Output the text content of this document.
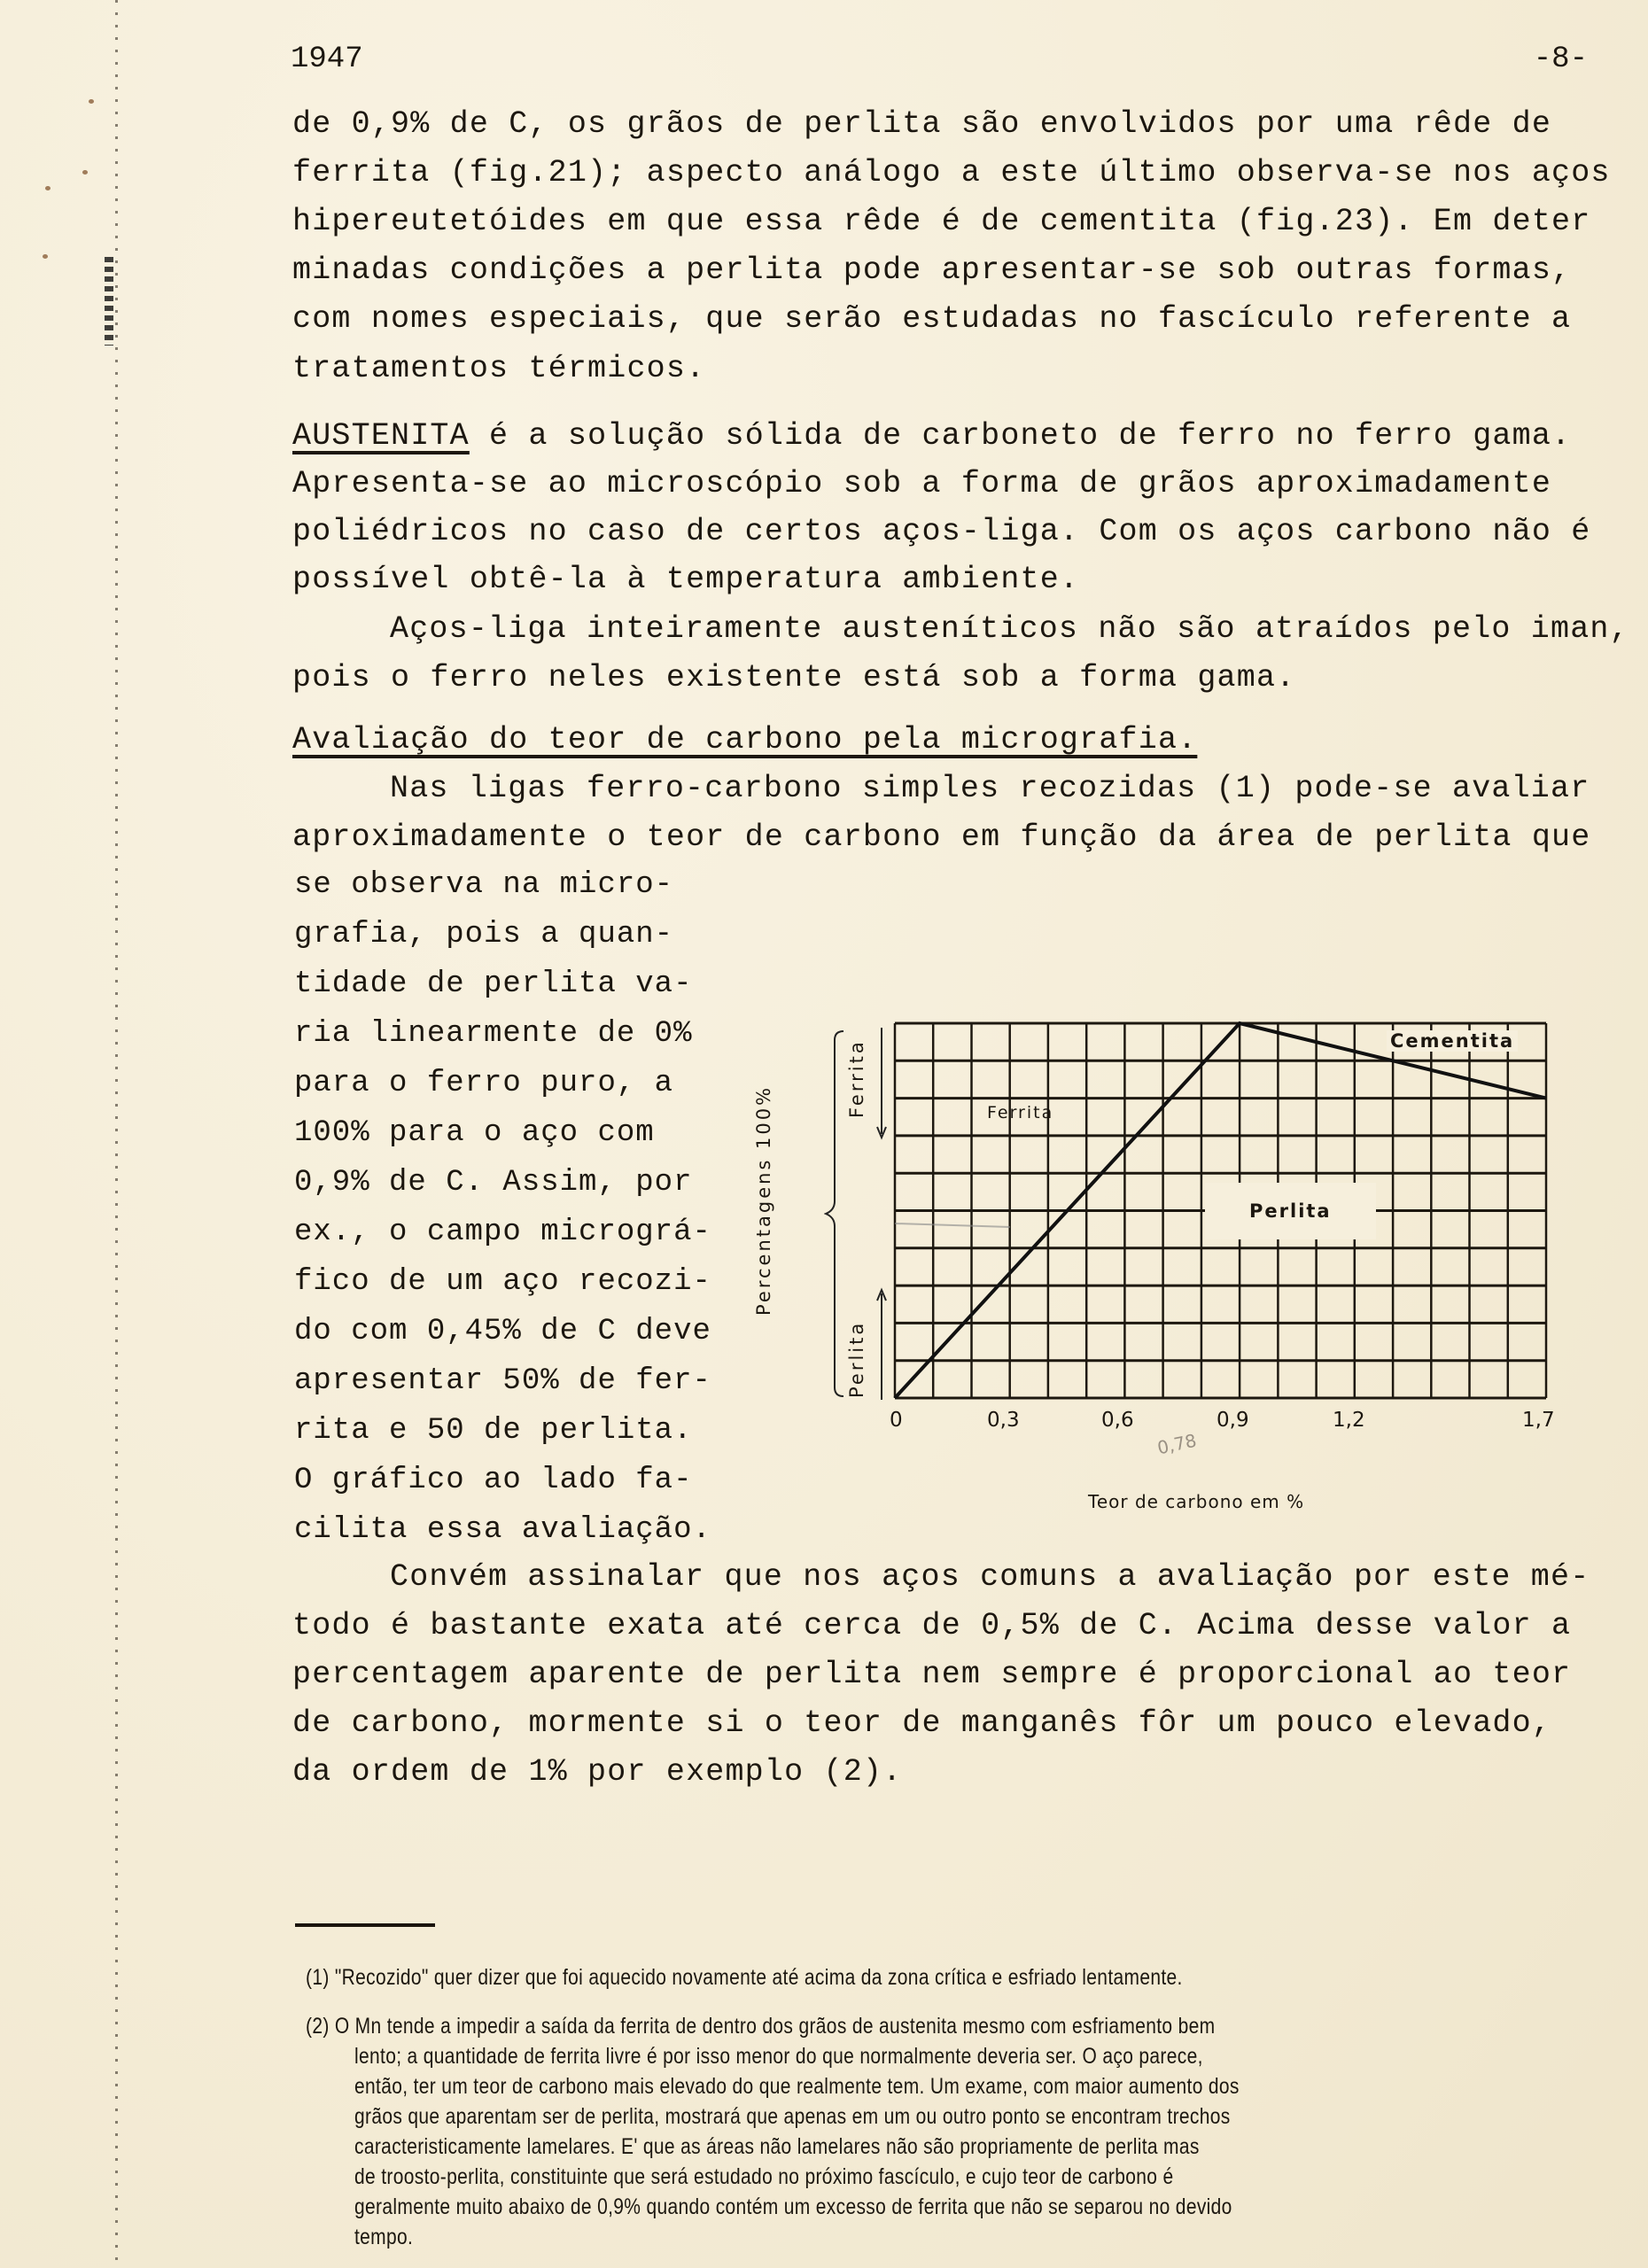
1947	-8-
de 0,9% de C, os grãos de perlita são envolvidos por uma rêde de
ferrita (fig.21); aspecto análogo a este último observa-se nos aços
hipereutetóides em que essa rêde é de cementita (fig.23). Em deter
minadas condições a perlita pode apresentar-se sob outras formas,
com nomes especiais, que serão estudadas no fascículo referente a
tratamentos térmicos.
AUSTENITA é a solução sólida de carboneto de ferro no ferro gama.
Apresenta-se ao microscópio sob a forma de grãos aproximadamente
poliédricos no caso de certos aços-liga. Com os aços carbono não é
possível obtê-la à temperatura ambiente.
Aços-liga inteiramente austeníticos não são atraídos pelo iman,
pois o ferro neles existente está sob a forma gama.
Avaliação do teor de carbono pela micrografia.
Nas ligas ferro-carbono simples recozidas (1) pode-se avaliar
aproximadamente o teor de carbono em função da área de perlita que
se observa na micro-
grafia, pois a quan-
tidade de perlita va-
ria linearmente de 0%
para o ferro puro, a
100% para o aço com
0,9% de C. Assim, por
ex., o campo micrográ-
fico de um aço recozi-
do com 0,45% de C deve
apresentar 50% de fer-
rita e 50 de perlita.
O gráfico ao lado fa-
cilita essa avaliação.
Percentagens 100%
Ferrita
Perlita
Ferrita
Perlita
Cementita
0	0,3	0,6	0,9	1,2	1,7
0,78
Teor de carbono em %
Convém assinalar que nos aços comuns a avaliação por este mé-
todo é bastante exata até cerca de 0,5% de C. Acima desse valor a
percentagem aparente de perlita nem sempre é proporcional ao teor
de carbono, mormente si o teor de manganês fôr um pouco elevado,
da ordem de 1% por exemplo (2).
(1) "Recozido" quer dizer que foi aquecido novamente até acima da zona crítica e esfriado lentamente.
(2) O Mn tende a impedir a saída da ferrita de dentro dos grãos de austenita mesmo com esfriamento bem
lento; a quantidade de ferrita livre é por isso menor do que normalmente deveria ser. O aço parece,
então, ter um teor de carbono mais elevado do que realmente tem. Um exame, com maior aumento dos
grãos que aparentam ser de perlita, mostrará que apenas em um ou outro ponto se encontram trechos
caracteristicamente lamelares. E' que as áreas não lamelares não são propriamente de perlita mas
de troosto-perlita, constituinte que será estudado no próximo fascículo, e cujo teor de carbono é
geralmente muito abaixo de 0,9% quando contém um excesso de ferrita que não se separou no devido
tempo.
